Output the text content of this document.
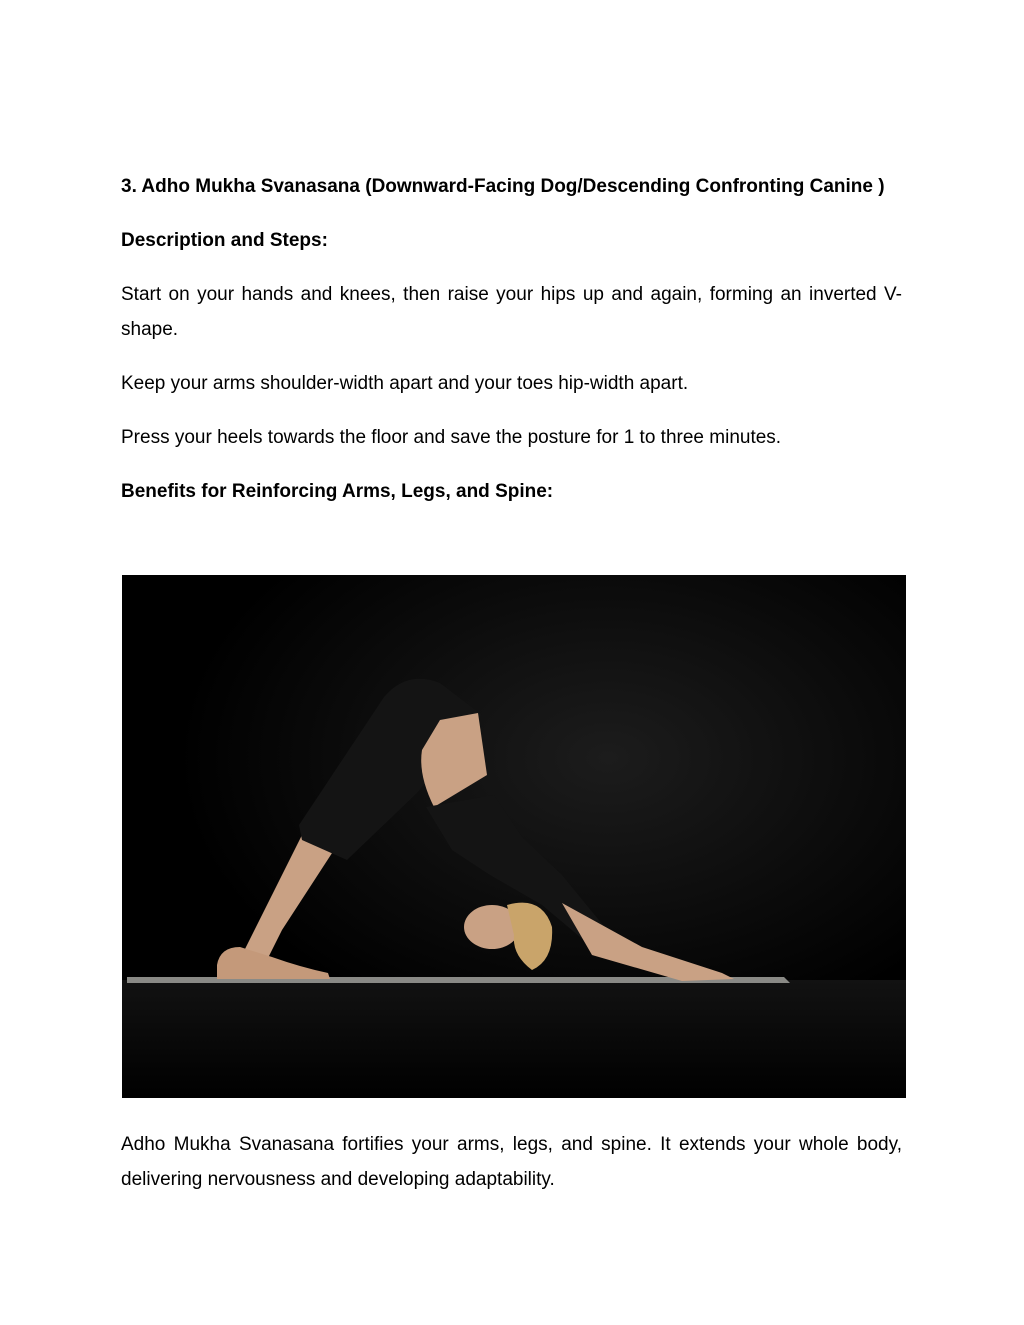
3. Adho Mukha Svanasana (Downward-Facing Dog/Descending Confronting Canine )

Description and Steps:

Start on your hands and knees, then raise your hips up and again, forming an inverted V-shape.

Keep your arms shoulder-width apart and your toes hip-width apart.

Press your heels towards the floor and save the posture for 1 to three minutes.

Benefits for Reinforcing Arms, Legs, and Spine:

Adho Mukha Svanasana fortifies your arms, legs, and spine. It extends your whole body, delivering nervousness and developing adaptability.
